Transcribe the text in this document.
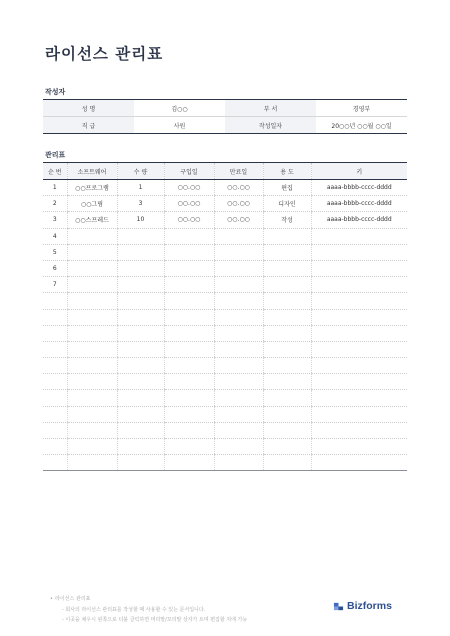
라이선스 관리표
작성자
성 명	김○○	부 서	경영부
직 급	사원	작성일자	20○○년 ○○월 ○○일
관리표
순 번	소프트웨어	수 량	구입일	만료일	용 도	키
1	○○프로그램	1	○○.○○	○○.○○	편집	aaaa-bbbb-cccc-dddd
2	○○그림	3	○○.○○	○○.○○	디자인	aaaa-bbbb-cccc-dddd
3	○○스프레드	10	○○.○○	○○.○○	작성	aaaa-bbbb-cccc-dddd
4						
5						
6						
7						

• 라이선스 관리표
- 회사의 라이선스 관리표를 작성할 때 사용할 수 있는 문서입니다.
- 이곳을 채우시 왼쪽으로 더블 클릭하면 머리말/꼬리말 상자가 트며 편집할 처에 가능
Bizforms
